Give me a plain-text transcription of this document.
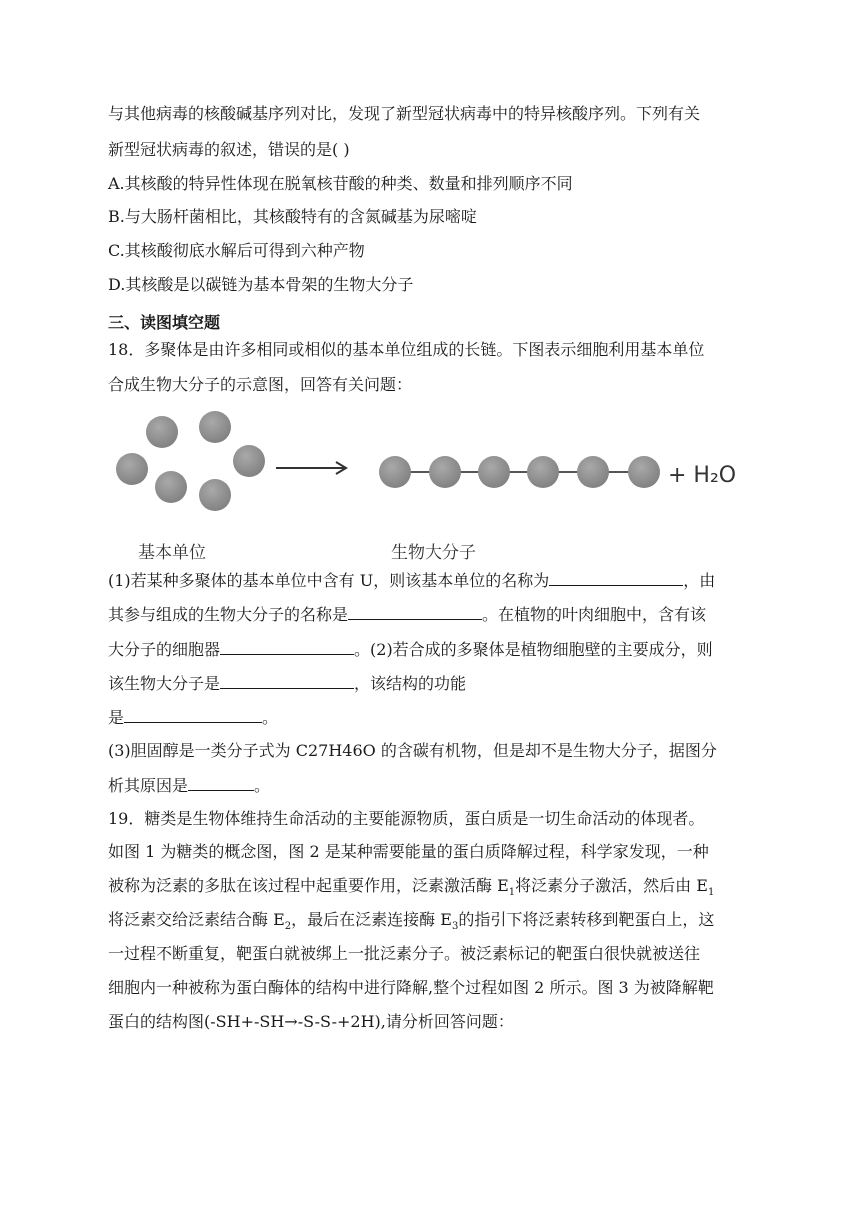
与其他病毒的核酸碱基序列对比，发现了新型冠状病毒中的特异核酸序列。下列有关
新型冠状病毒的叙述，错误的是( )
A.其核酸的特异性体现在脱氧核苷酸的种类、数量和排列顺序不同
B.与大肠杆菌相比，其核酸特有的含氮碱基为尿嘧啶
C.其核酸彻底水解后可得到六种产物
D.其核酸是以碳链为基本骨架的生物大分子
三、读图填空题
18．多聚体是由许多相同或相似的基本单位组成的长链。下图表示细胞利用基本单位
合成生物大分子的示意图，回答有关问题：
+ H₂O
基本单位	生物大分子
(1)若某种多聚体的基本单位中含有 U，则该基本单位的名称为	，由
其参与组成的生物大分子的名称是	。在植物的叶肉细胞中，含有该
大分子的细胞器	。(2)若合成的多聚体是植物细胞壁的主要成分，则
该生物大分子是	，该结构的功能
是	。
(3)胆固醇是一类分子式为 C27H46O 的含碳有机物，但是却不是生物大分子，据图分
析其原因是	。
19．糖类是生物体维持生命活动的主要能源物质，蛋白质是一切生命活动的体现者。
如图 1 为糖类的概念图，图 2 是某种需要能量的蛋白质降解过程，科学家发现，一种
被称为泛素的多肽在该过程中起重要作用，泛素激活酶 $E_1$将泛素分子激活，然后由 $E_1$
将泛素交给泛素结合酶 $E_2$，最后在泛素连接酶 $E_3$的指引下将泛素转移到靶蛋白上，这
一过程不断重复，靶蛋白就被绑上一批泛素分子。被泛素标记的靶蛋白很快就被送往
细胞内一种被称为蛋白酶体的结构中进行降解,整个过程如图 2 所示。图 3 为被降解靶
蛋白的结构图(-SH+-SH→-S-S-+2H),请分析回答问题：
